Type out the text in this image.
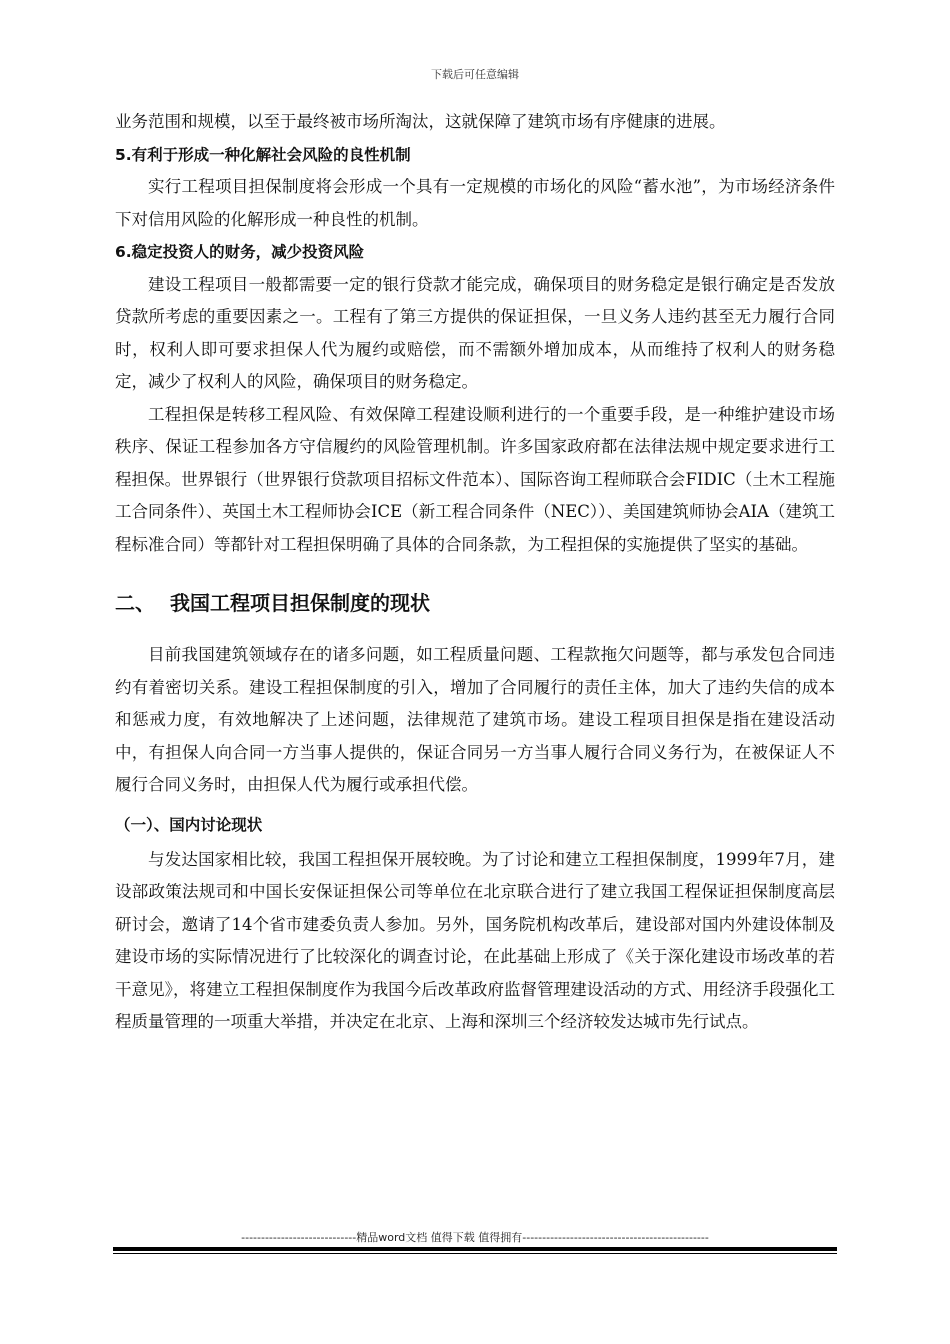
下载后可任意编辑

业务范围和规模，以至于最终被市场所淘汰，这就保障了建筑市场有序健康的进展。

5.有利于形成一种化解社会风险的良性机制

实行工程项目担保制度将会形成一个具有一定规模的市场化的风险“蓄水池”，为市场经济条件下对信用风险的化解形成一种良性的机制。

6.稳定投资人的财务，减少投资风险

建设工程项目一般都需要一定的银行贷款才能完成，确保项目的财务稳定是银行确定是否发放贷款所考虑的重要因素之一。工程有了第三方提供的保证担保，一旦义务人违约甚至无力履行合同时，权利人即可要求担保人代为履约或赔偿，而不需额外增加成本，从而维持了权利人的财务稳定，减少了权利人的风险，确保项目的财务稳定。

工程担保是转移工程风险、有效保障工程建设顺利进行的一个重要手段，是一种维护建设市场秩序、保证工程参加各方守信履约的风险管理机制。许多国家政府都在法律法规中规定要求进行工程担保。世界银行（世界银行贷款项目招标文件范本）、国际咨询工程师联合会FIDIC（土木工程施工合同条件）、英国土木工程师协会ICE（新工程合同条件（NEC））、美国建筑师协会AIA（建筑工程标准合同）等都针对工程担保明确了具体的合同条款，为工程担保的实施提供了坚实的基础。

二、 我国工程项目担保制度的现状

目前我国建筑领域存在的诸多问题，如工程质量问题、工程款拖欠问题等，都与承发包合同违约有着密切关系。建设工程担保制度的引入，增加了合同履行的责任主体，加大了违约失信的成本和惩戒力度，有效地解决了上述问题，法律规范了建筑市场。建设工程项目担保是指在建设活动中，有担保人向合同一方当事人提供的，保证合同另一方当事人履行合同义务行为，在被保证人不履行合同义务时，由担保人代为履行或承担代偿。

（一）、国内讨论现状

与发达国家相比较，我国工程担保开展较晚。为了讨论和建立工程担保制度，1999年7月，建设部政策法规司和中国长安保证担保公司等单位在北京联合进行了建立我国工程保证担保制度高层研讨会，邀请了14个省市建委负责人参加。另外，国务院机构改革后，建设部对国内外建设体制及建设市场的实际情况进行了比较深化的调查讨论，在此基础上形成了《关于深化建设市场改革的若干意见》，将建立工程担保制度作为我国今后改革政府监督管理建设活动的方式、用经济手段强化工程质量管理的一项重大举措，并决定在北京、上海和深圳三个经济较发达城市先行试点。

-----------------------------精品word文档 值得下载 值得拥有-----------------------------------------------
